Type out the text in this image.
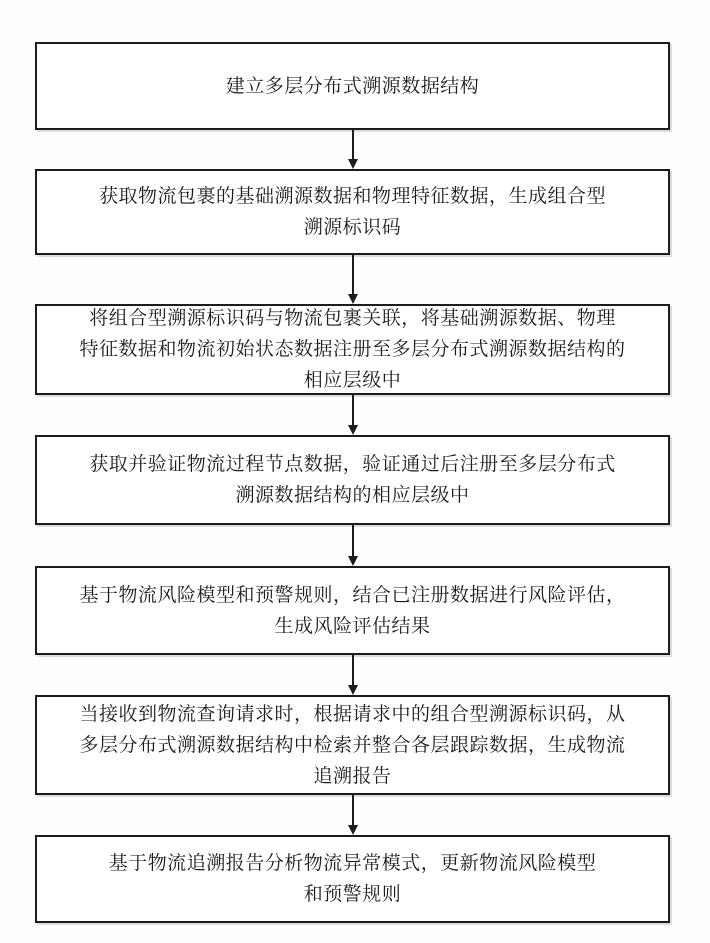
建立多层分布式溯源数据结构
获取物流包裹的基础溯源数据和物理特征数据，生成组合型
溯源标识码
将组合型溯源标识码与物流包裹关联，将基础溯源数据、物理
特征数据和物流初始状态数据注册至多层分布式溯源数据结构的
相应层级中
获取并验证物流过程节点数据，验证通过后注册至多层分布式
溯源数据结构的相应层级中
基于物流风险模型和预警规则，结合已注册数据进行风险评估，
生成风险评估结果
当接收到物流查询请求时，根据请求中的组合型溯源标识码，从
多层分布式溯源数据结构中检索并整合各层跟踪数据，生成物流
追溯报告
基于物流追溯报告分析物流异常模式，更新物流风险模型
和预警规则
